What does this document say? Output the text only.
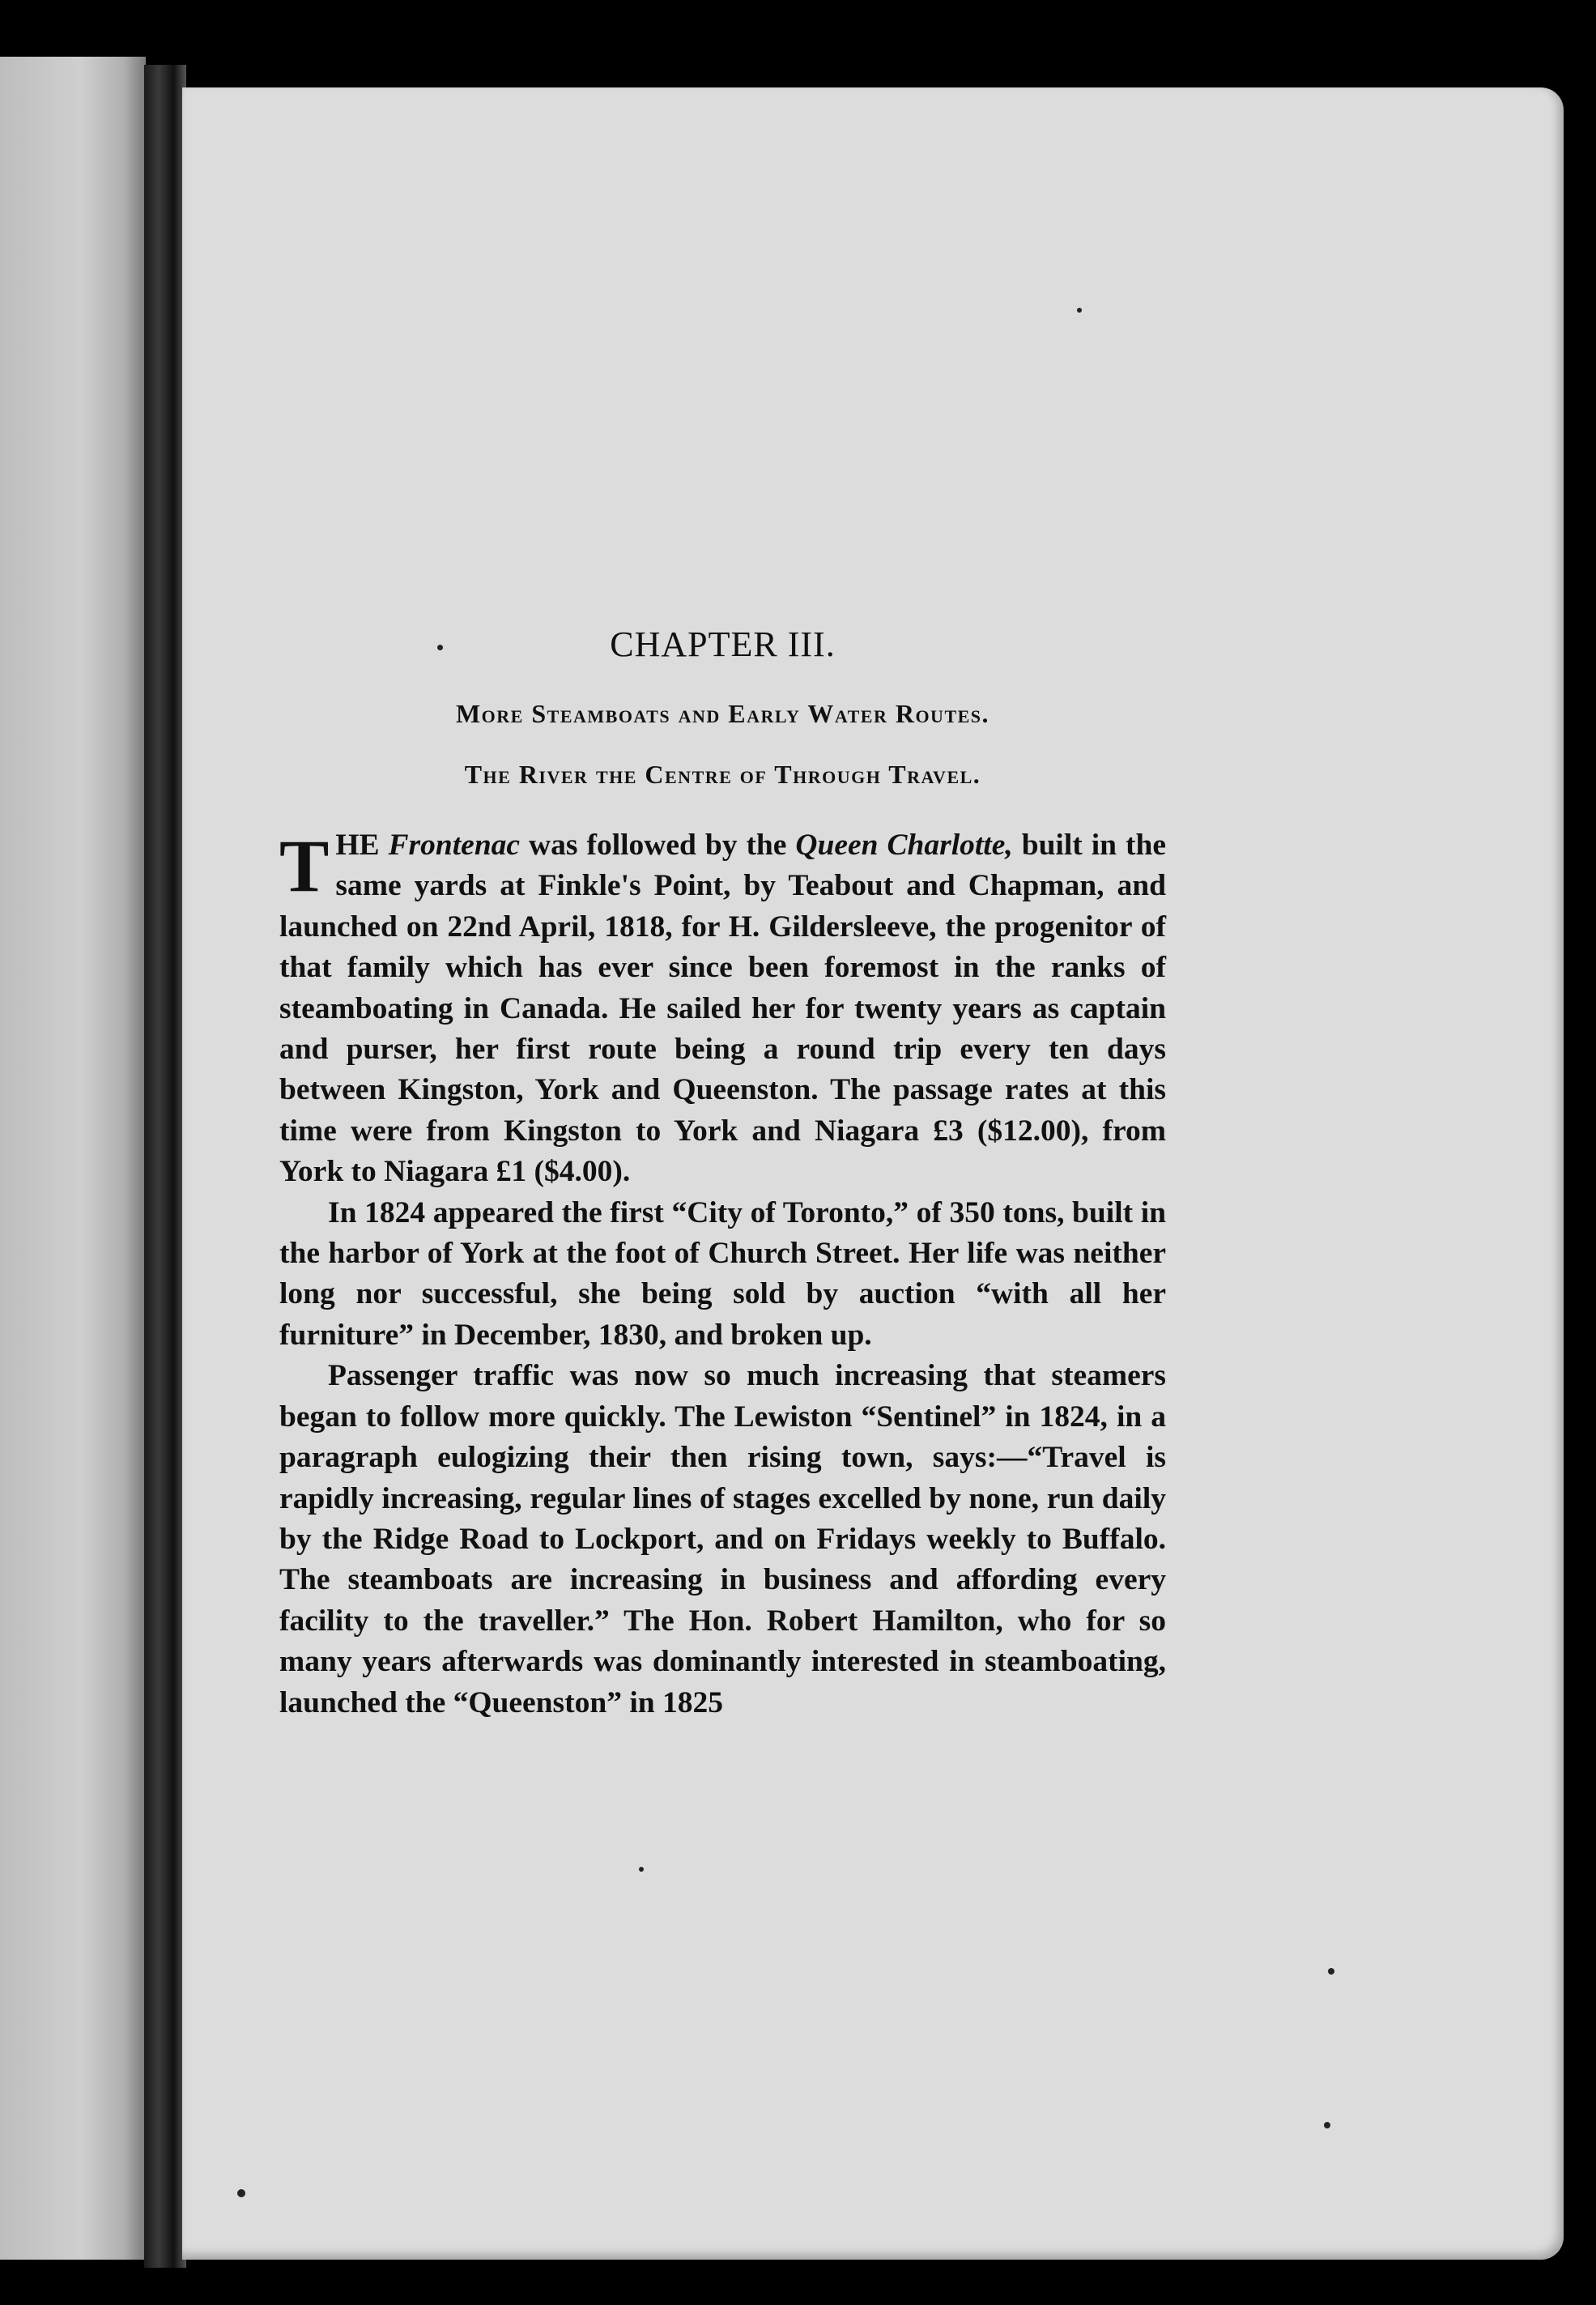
CHAPTER III.
More Steamboats and Early Water Routes.
The River the Centre of Through Travel.

THE Frontenac was followed by the Queen Charlotte, built in the same yards at Finkle's Point, by Teabout and Chapman, and launched on 22nd April, 1818, for H. Gildersleeve, the progenitor of that family which has ever since been foremost in the ranks of steamboating in Canada. He sailed her for twenty years as captain and purser, her first route being a round trip every ten days between Kingston, York and Queenston. The passage rates at this time were from Kingston to York and Niagara £3 ($12.00), from York to Niagara £1 ($4.00).

In 1824 appeared the first “City of Toronto,” of 350 tons, built in the harbor of York at the foot of Church Street. Her life was neither long nor successful, she being sold by auction “with all her furniture” in December, 1830, and broken up.

Passenger traffic was now so much increasing that steamers began to follow more quickly. The Lewiston “Sentinel” in 1824, in a paragraph eulogizing their then rising town, says:—“Travel is rapidly increasing, regular lines of stages excelled by none, run daily by the Ridge Road to Lockport, and on Fridays weekly to Buffalo. The steamboats are increasing in business and affording every facility to the traveller.” The Hon. Robert Hamilton, who for so many years afterwards was dominantly interested in steamboating, launched the “Queenston” in 1825
